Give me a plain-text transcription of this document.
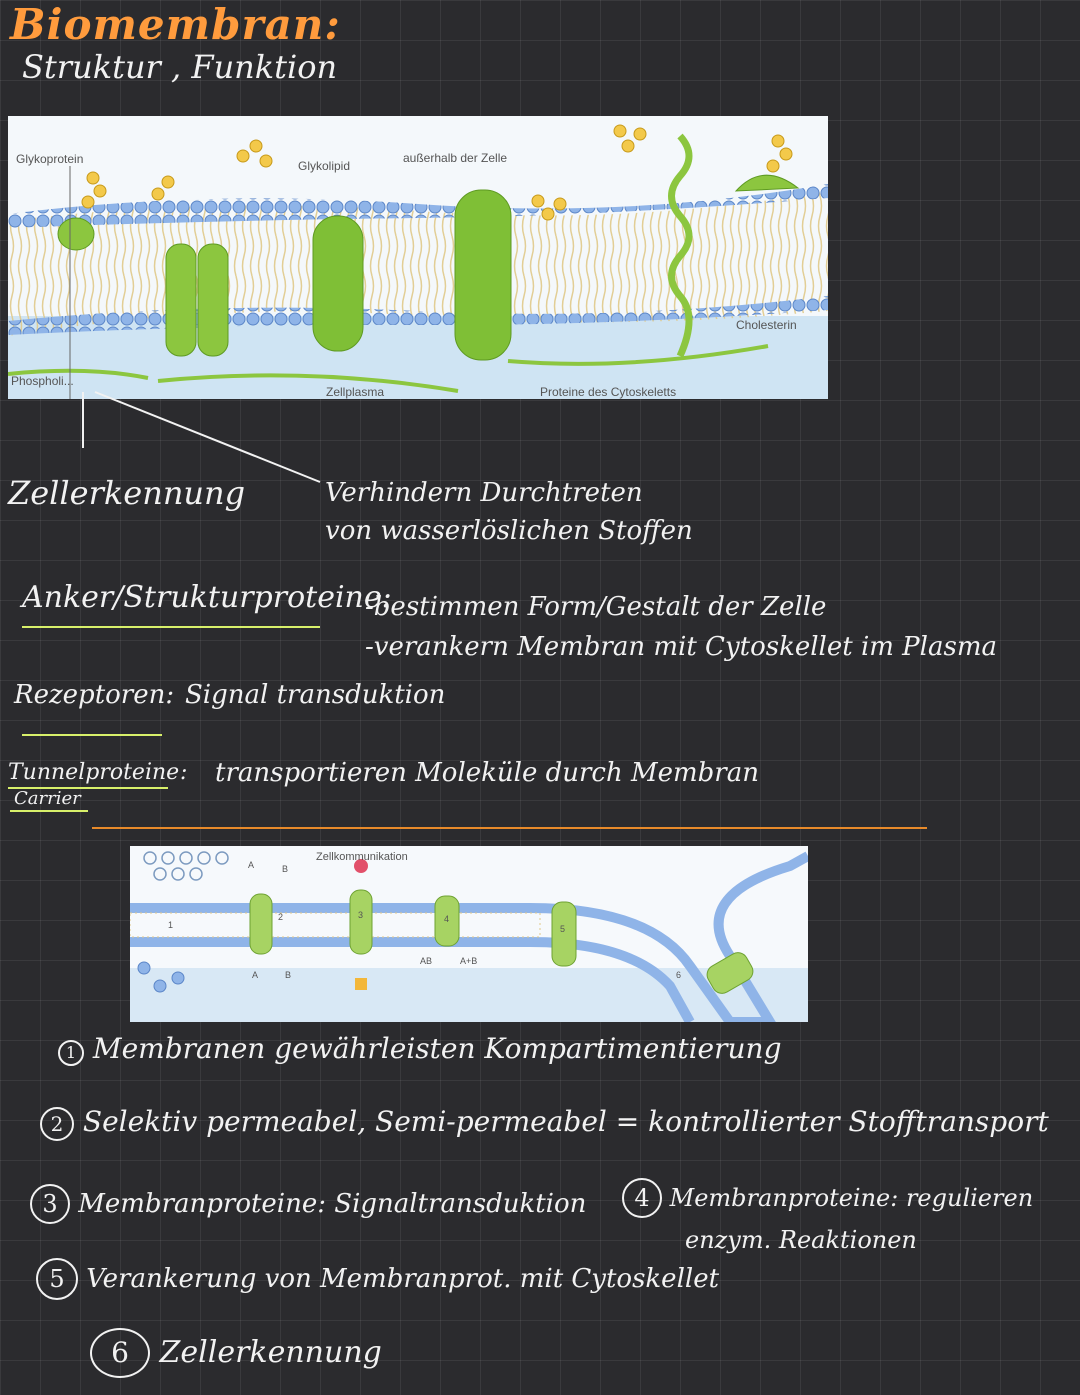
Biomembran:
Struktur , Funktion
Glykoprotein	Glykolipid
außerhalb der Zelle
Cholesterin
Phospholi...
Zellplasma	Proteine des Cytoskeletts
Zellerkennung	Verhindern Durchtreten
von wasserlöslichen Stoffen
Anker/Strukturproteine:
-bestimmen Form/Gestalt der Zelle
-verankern Membran mit Cytoskellet im Plasma
Rezeptoren: Signal transduktion
Tunnelproteine :
Carrier
transportieren Moleküle durch Membran
Zellkommunikation
A	B
A	B
AB	A+B
1
2	3	4
5
6
1 Membranen gewährleisten Kompartimentierung
2 Selektiv permeabel, Semi-permeabel = kontrollierter Stofftransport
3 Membranproteine: Signaltransduktion	4 Membranproteine: regulieren
enzym. Reaktionen
5 Verankerung von Membranprot. mit Cytoskellet
6 Zellerkennung
